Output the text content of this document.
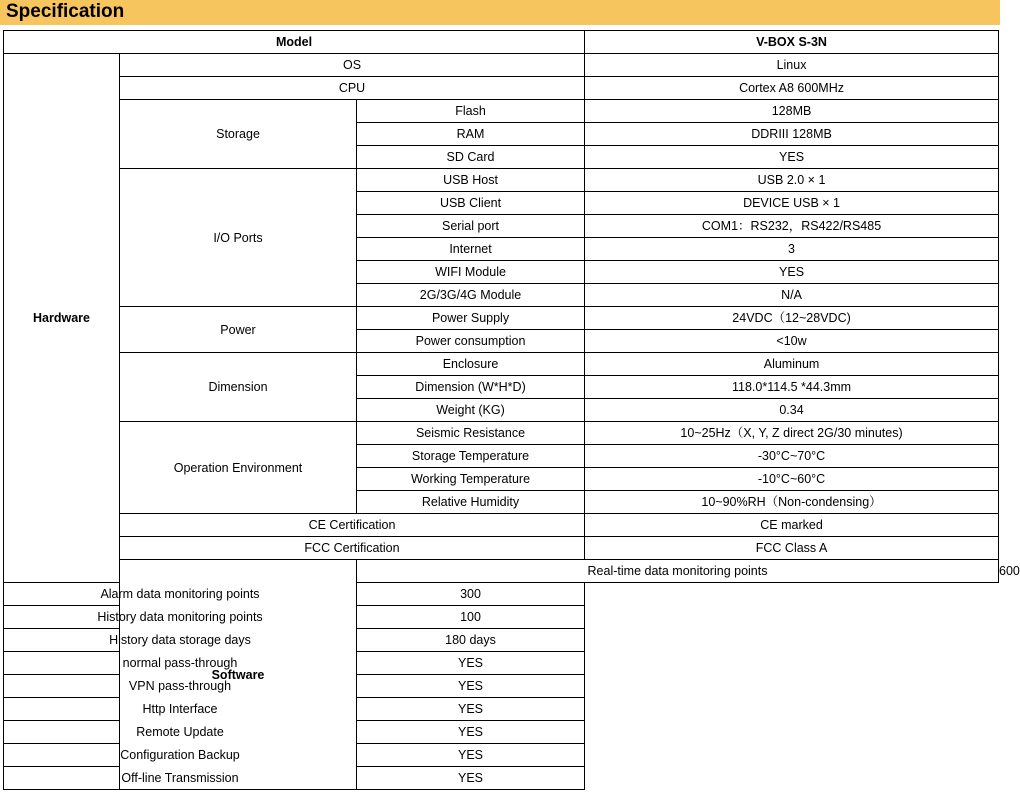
Specification
Model			V-BOX S-3N	
Hardware	OS		Linux	
	CPU		Cortex A8 600MHz	
	Storage	Flash	128MB	
		RAM	DDRIII 128MB	
		SD Card	YES	
	I/O Ports	USB Host	USB 2.0 × 1	
		USB Client	DEVICE USB × 1	
		Serial port	COM1：RS232，RS422/RS485	
		Internet	3	
		WIFI Module	YES	
		2G/3G/4G Module	N/A	
	Power	Power Supply	24VDC（12~28VDC)	
		Power consumption	<10w	
	Dimension	Enclosure	Aluminum	
		Dimension (W*H*D)	118.0*114.5 *44.3mm	
		Weight (KG)	0.34	
	Operation Environment	Seismic Resistance	10~25Hz（X, Y, Z direct 2G/30 minutes)	
		Storage Temperature	-30°C~70°C	
		Working Temperature	-10°C~60°C	
		Relative Humidity	10~90%RH（Non-condensing）	
	CE Certification		CE marked	
	FCC Certification		FCC Class A	
	Software	Real-time data monitoring points		600
Alarm data monitoring points		300		
History data monitoring points		100		
History data storage days		180 days		
normal pass-through		YES		
VPN pass-through		YES		
Http Interface		YES		
Remote Update		YES		
Configuration Backup		YES		
Off-line Transmission		YES		
